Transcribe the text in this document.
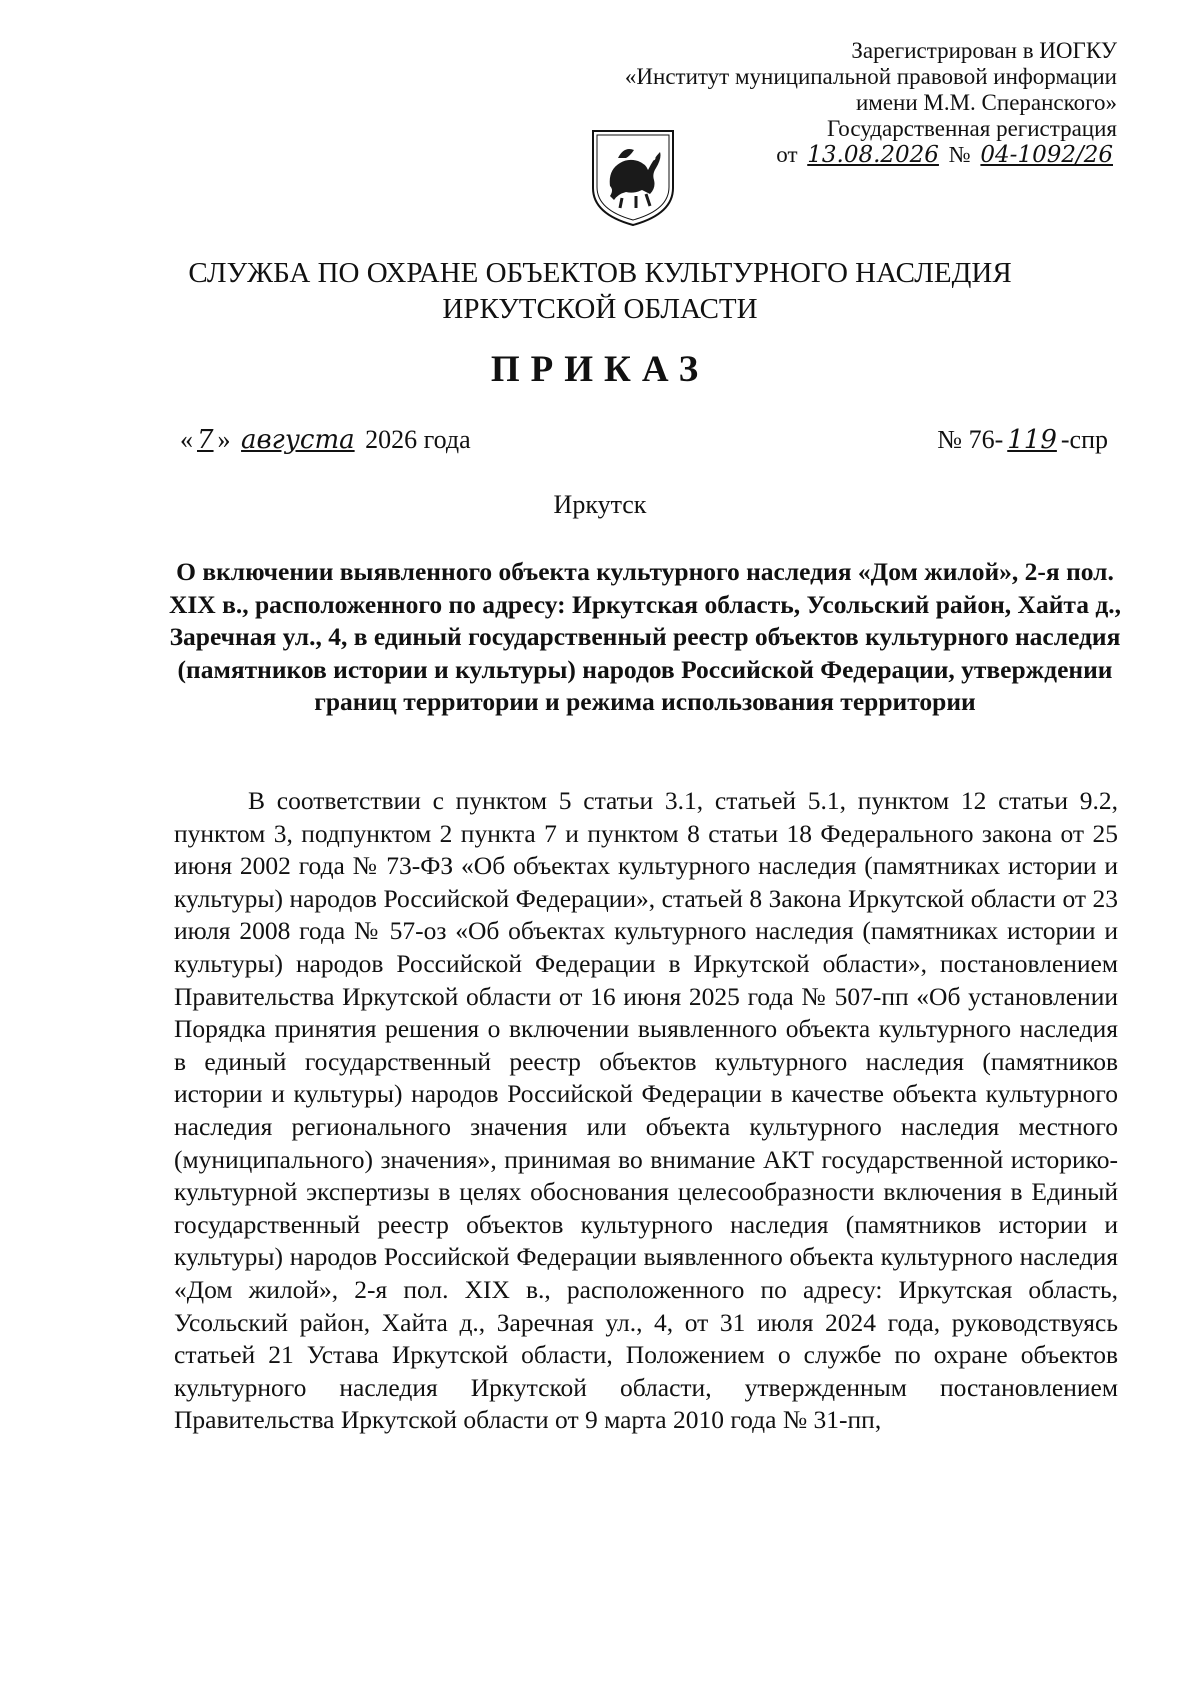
Зарегистрирован в ИОГКУ
«Институт муниципальной правовой информации
имени М.М. Сперанского»
Государственная регистрация
от 13.08.2026 № 04-1092/26
СЛУЖБА ПО ОХРАНЕ ОБЪЕКТОВ КУЛЬТУРНОГО НАСЛЕДИЯ
ИРКУТСКОЙ ОБЛАСТИ
ПРИКАЗ
« 7 » августа 2026 года	№ 76- 119 -спр
Иркутск
О включении выявленного объекта культурного наследия «Дом жилой», 2-я пол. XIX в., расположенного по адресу: Иркутская область, Усольский район, Хайта д., Заречная ул., 4, в единый государственный реестр объектов культурного наследия (памятников истории и культуры) народов Российской Федерации, утверждении границ территории и режима использования территории

В соответствии с пунктом 5 статьи 3.1, статьей 5.1, пунктом 12 статьи 9.2, пунктом 3, подпунктом 2 пункта 7 и пунктом 8 статьи 18 Федерального закона от 25 июня 2002 года № 73-ФЗ «Об объектах культурного наследия (памятниках истории и культуры) народов Российской Федерации», статьей 8 Закона Иркутской области от 23 июля 2008 года № 57-оз «Об объектах культурного наследия (памятниках истории и культуры) народов Российской Федерации в Иркутской области», постановлением Правительства Иркутской области от 16 июня 2025 года № 507-пп «Об установлении Порядка принятия решения о включении выявленного объекта культурного наследия в единый государственный реестр объектов культурного наследия (памятников истории и культуры) народов Российской Федерации в качестве объекта культурного наследия регионального значения или объекта культурного наследия местного (муниципального) значения», принимая во внимание АКТ государственной историко-культурной экспертизы в целях обоснования целесообразности включения в Единый государственный реестр объектов культурного наследия (памятников истории и культуры) народов Российской Федерации выявленного объекта культурного наследия «Дом жилой», 2-я пол. XIX в., расположенного по адресу: Иркутская область, Усольский район, Хайта д., Заречная ул., 4, от 31 июля 2024 года, руководствуясь статьей 21 Устава Иркутской области, Положением о службе по охране объектов культурного наследия Иркутской области, утвержденным постановлением Правительства Иркутской области от 9 марта 2010 года № 31-пп,
